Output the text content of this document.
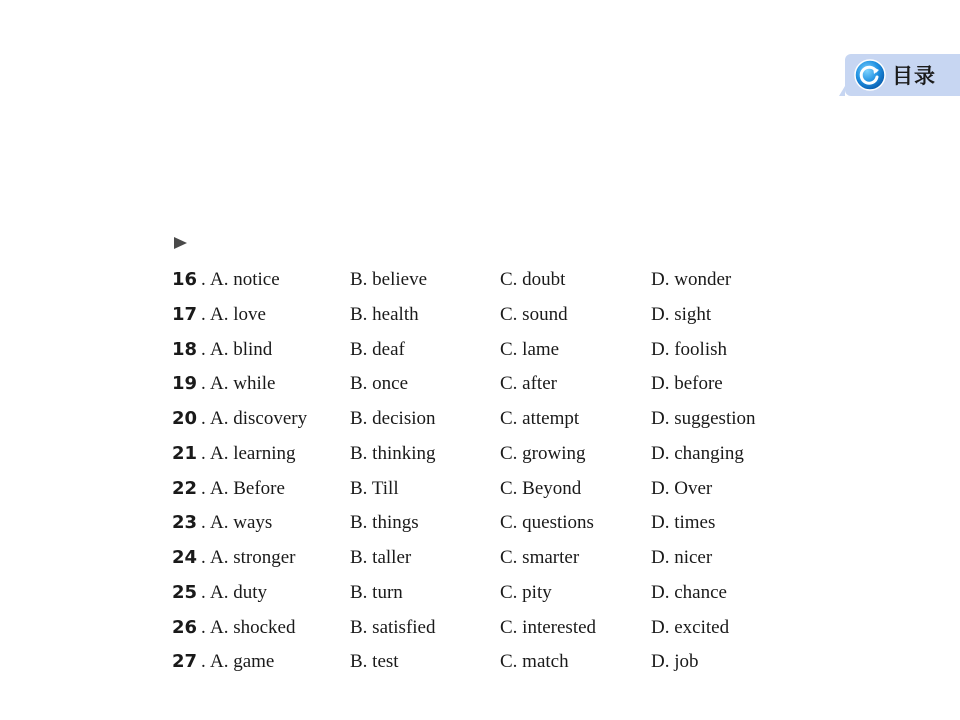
目录
16 . A. notice	B. believe	C. doubt	D. wonder
17 . A. love	B. health	C. sound	D. sight
18 . A. blind	B. deaf	C. lame	D. foolish
19 . A. while	B. once	C. after	D. before
20 . A. discovery B. decision	C. attempt	D. suggestion
21 . A. learning	B. thinking	C. growing	D. changing
22 . A. Before	B. Till	C. Beyond	D. Over
23 . A. ways	B. things	C. questions	D. times
24 . A. stronger	B. taller	C. smarter	D. nicer
25 . A. duty	B. turn	C. pity	D. chance
26 . A. shocked	B. satisfied	C. interested	D. excited
27 . A. game	B. test	C. match	D. job
